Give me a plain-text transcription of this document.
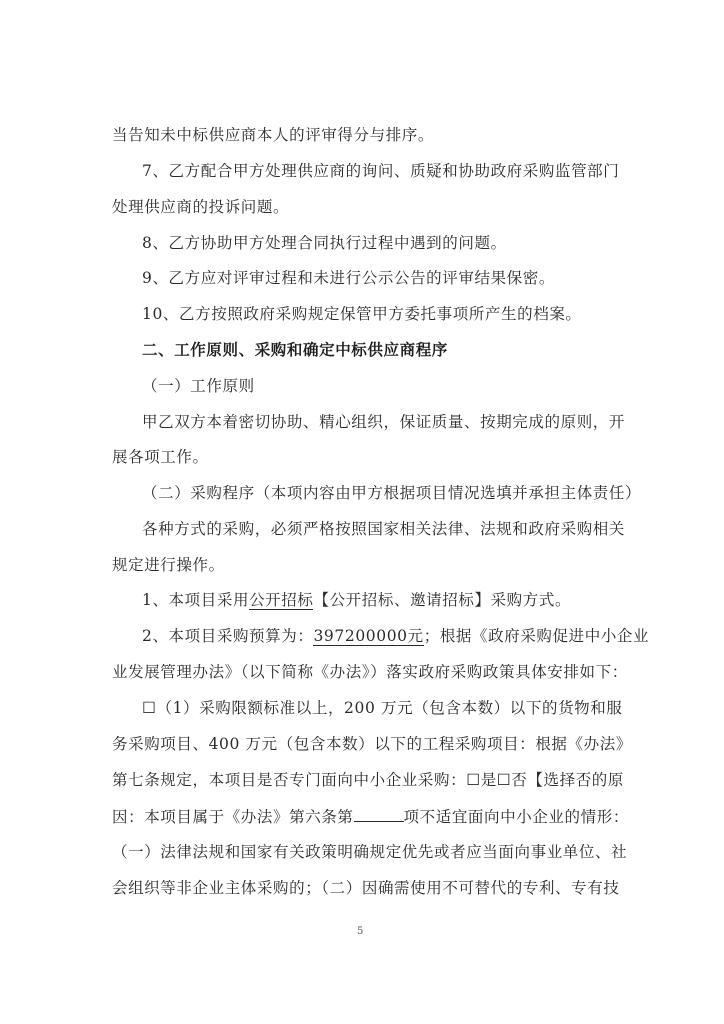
当告知未中标供应商本人的评审得分与排序。
7、乙方配合甲方处理供应商的询问、质疑和协助政府采购监管部门
处理供应商的投诉问题。
8、乙方协助甲方处理合同执行过程中遇到的问题。
9、乙方应对评审过程和未进行公示公告的评审结果保密。
10、乙方按照政府采购规定保管甲方委托事项所产生的档案。
二、工作原则、采购和确定中标供应商程序
（一）工作原则
甲乙双方本着密切协助、精心组织，保证质量、按期完成的原则，开
展各项工作。
（二）采购程序（本项内容由甲方根据项目情况选填并承担主体责任）
各种方式的采购，必须严格按照国家相关法律、法规和政府采购相关
规定进行操作。
1、本项目采用公开招标【公开招标、邀请招标】采购方式。
2、本项目采购预算为：397200000元；根据《政府采购促进中小企业
业发展管理办法》（以下简称《办法》）落实政府采购政策具体安排如下：
☐（1）采购限额标准以上，200 万元（包含本数）以下的货物和服
务采购项目、400 万元（包含本数）以下的工程采购项目：根据《办法》
第七条规定，本项目是否专门面向中小企业采购：☐是☐否【选择否的原
因：本项目属于《办法》第六条第	项不适宜面向中小企业的情形：
（一）法律法规和国家有关政策明确规定优先或者应当面向事业单位、社
会组织等非企业主体采购的；（二）因确需使用不可替代的专利、专有技
5
